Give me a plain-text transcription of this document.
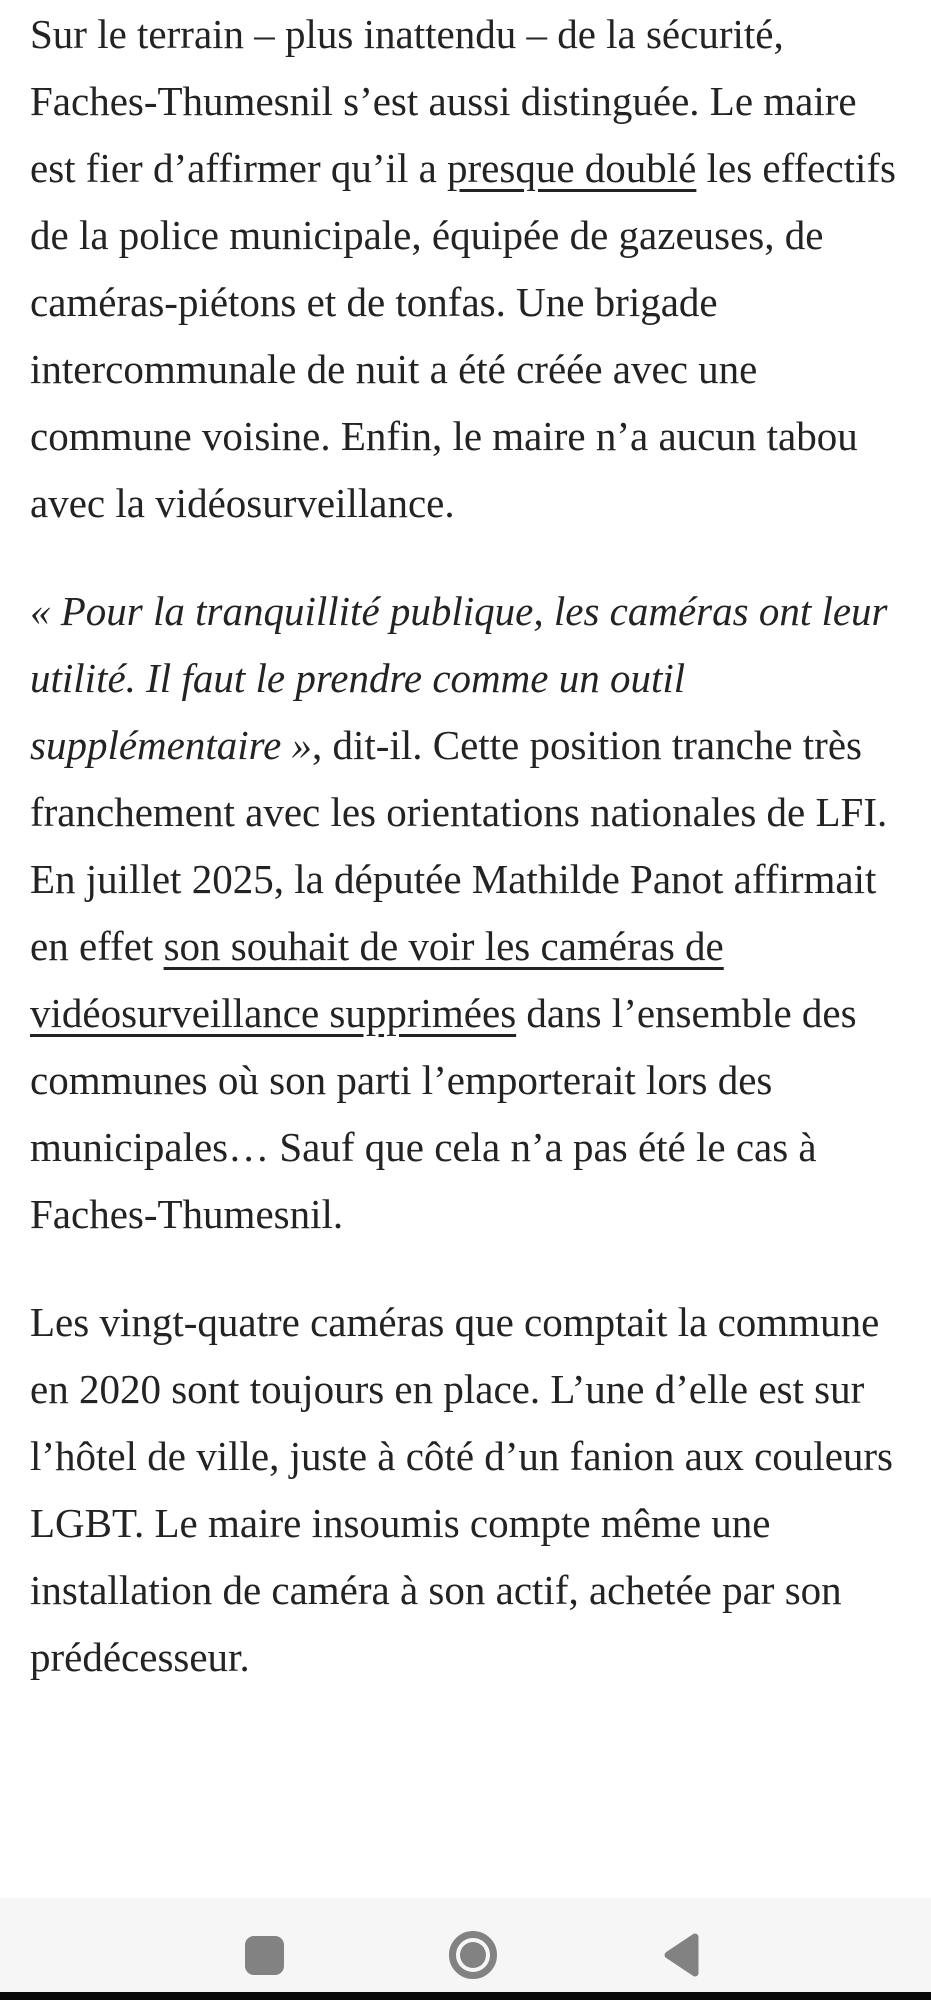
Sur le terrain – plus inattendu – de la sécurité, Faches-Thumesnil s’est aussi distinguée. Le maire est fier d’affirmer qu’il a presque doublé les effectifs de la police municipale, équipée de gazeuses, de caméras-piétons et de tonfas. Une brigade intercommunale de nuit a été créée avec une commune voisine. Enfin, le maire n’a aucun tabou avec la vidéosurveillance.

« Pour la tranquillité publique, les caméras ont leur utilité. Il faut le prendre comme un outil supplémentaire », dit-il. Cette position tranche très franchement avec les orientations nationales de LFI. En juillet 2025, la députée Mathilde Panot affirmait en effet son souhait de voir les caméras de vidéosurveillance supprimées dans l’ensemble des communes où son parti l’emporterait lors des municipales… Sauf que cela n’a pas été le cas à Faches-Thumesnil.

Les vingt-quatre caméras que comptait la commune en 2020 sont toujours en place. L’une d’elle est sur l’hôtel de ville, juste à côté d’un fanion aux couleurs LGBT. Le maire insoumis compte même une installation de caméra à son actif, achetée par son prédécesseur.
